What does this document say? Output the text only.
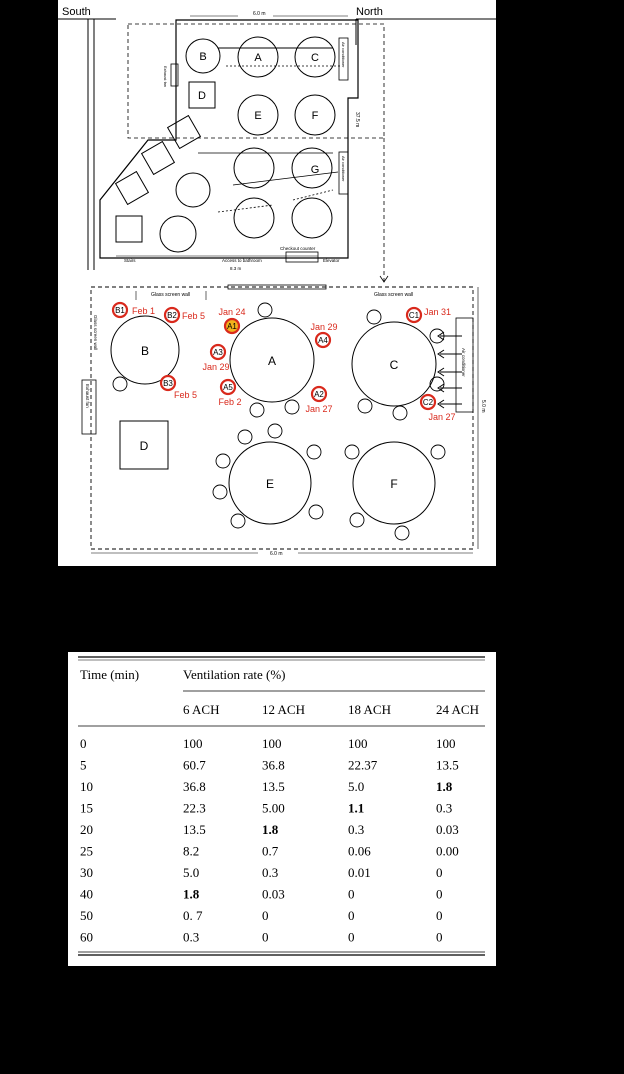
South	North
6.0 m
37.5 m
Exhaust fan
Air conditioner
Air conditioner
B	A	C
D
E	F
G
Stairs	Access to bathroom	Elevator
Checkout counter
8.3 m
Exhaust fan
Air conditioner
Glass screen wall	Glass screen wall
Glass screen wall
5.0 m
6.0 m
B
A	C
D
E	F
B1 Feb 1 B2 Feb 5
B3
Feb 5
A1
Jan 24
A2
Jan 27
A3
Jan 29
A4
Jan 29
A5
Feb 2
C1 Jan 31
C2
Jan 27
Time (min)	Ventilation rate (%)
6 ACH	12 ACH	18 ACH	24 ACH
0	100	100	100	100
5	60.7	36.8	22.37	13.5
10	36.8	13.5	5.0	1.8
15	22.3	5.00	1.1	0.3
20	13.5	1.8	0.3	0.03
25	8.2	0.7	0.06	0.00
30	5.0	0.3	0.01	0
40	1.8	0.03	0	0
50	0. 7	0	0	0
60	0.3	0	0	0
